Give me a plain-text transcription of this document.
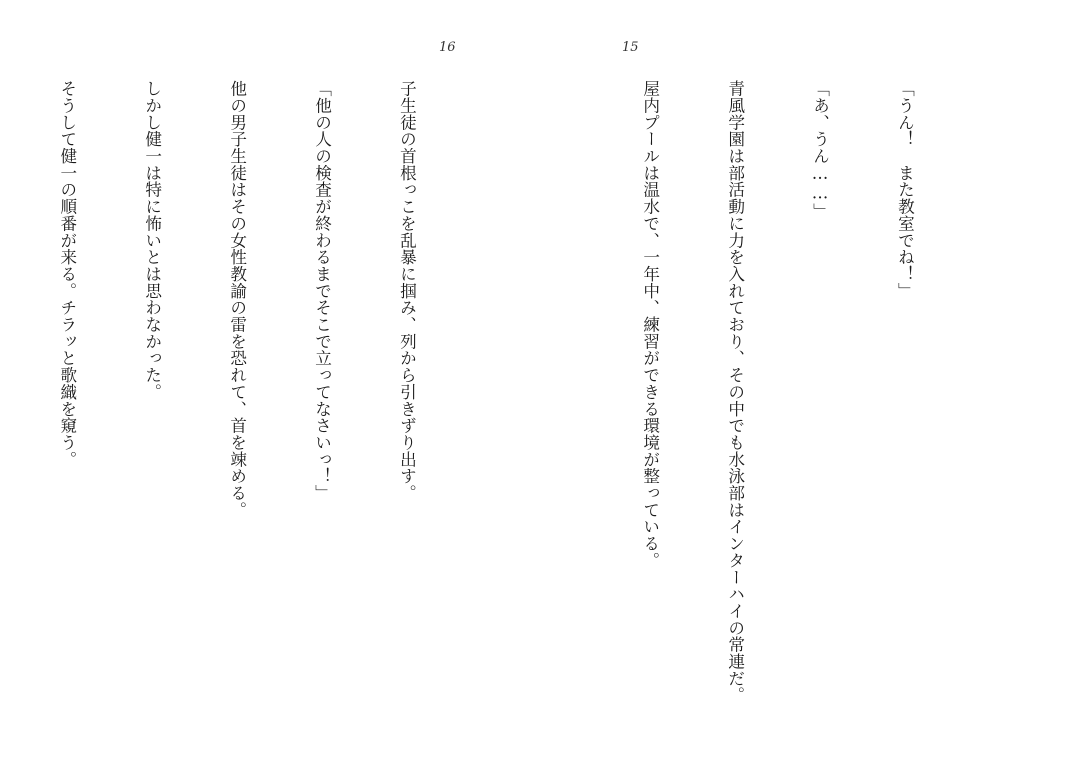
16	15

「うん！　また教室でね！」

「あ、うん……」

青風学園は部活動に力を入れており、その中でも水泳部はインターハイの常連だ。

屋内プールは温水で、一年中、練習ができる環境が整っている。

子生徒の首根っこを乱暴に掴み、列から引きずり出す。

「他の人の検査が終わるまでそこで立ってなさいっ！」

他の男子生徒はその女性教諭の雷を恐れて、首を竦める。

しかし健一は特に怖いとは思わなかった。

そうして健一の順番が来る。チラッと歌織を窺う。
